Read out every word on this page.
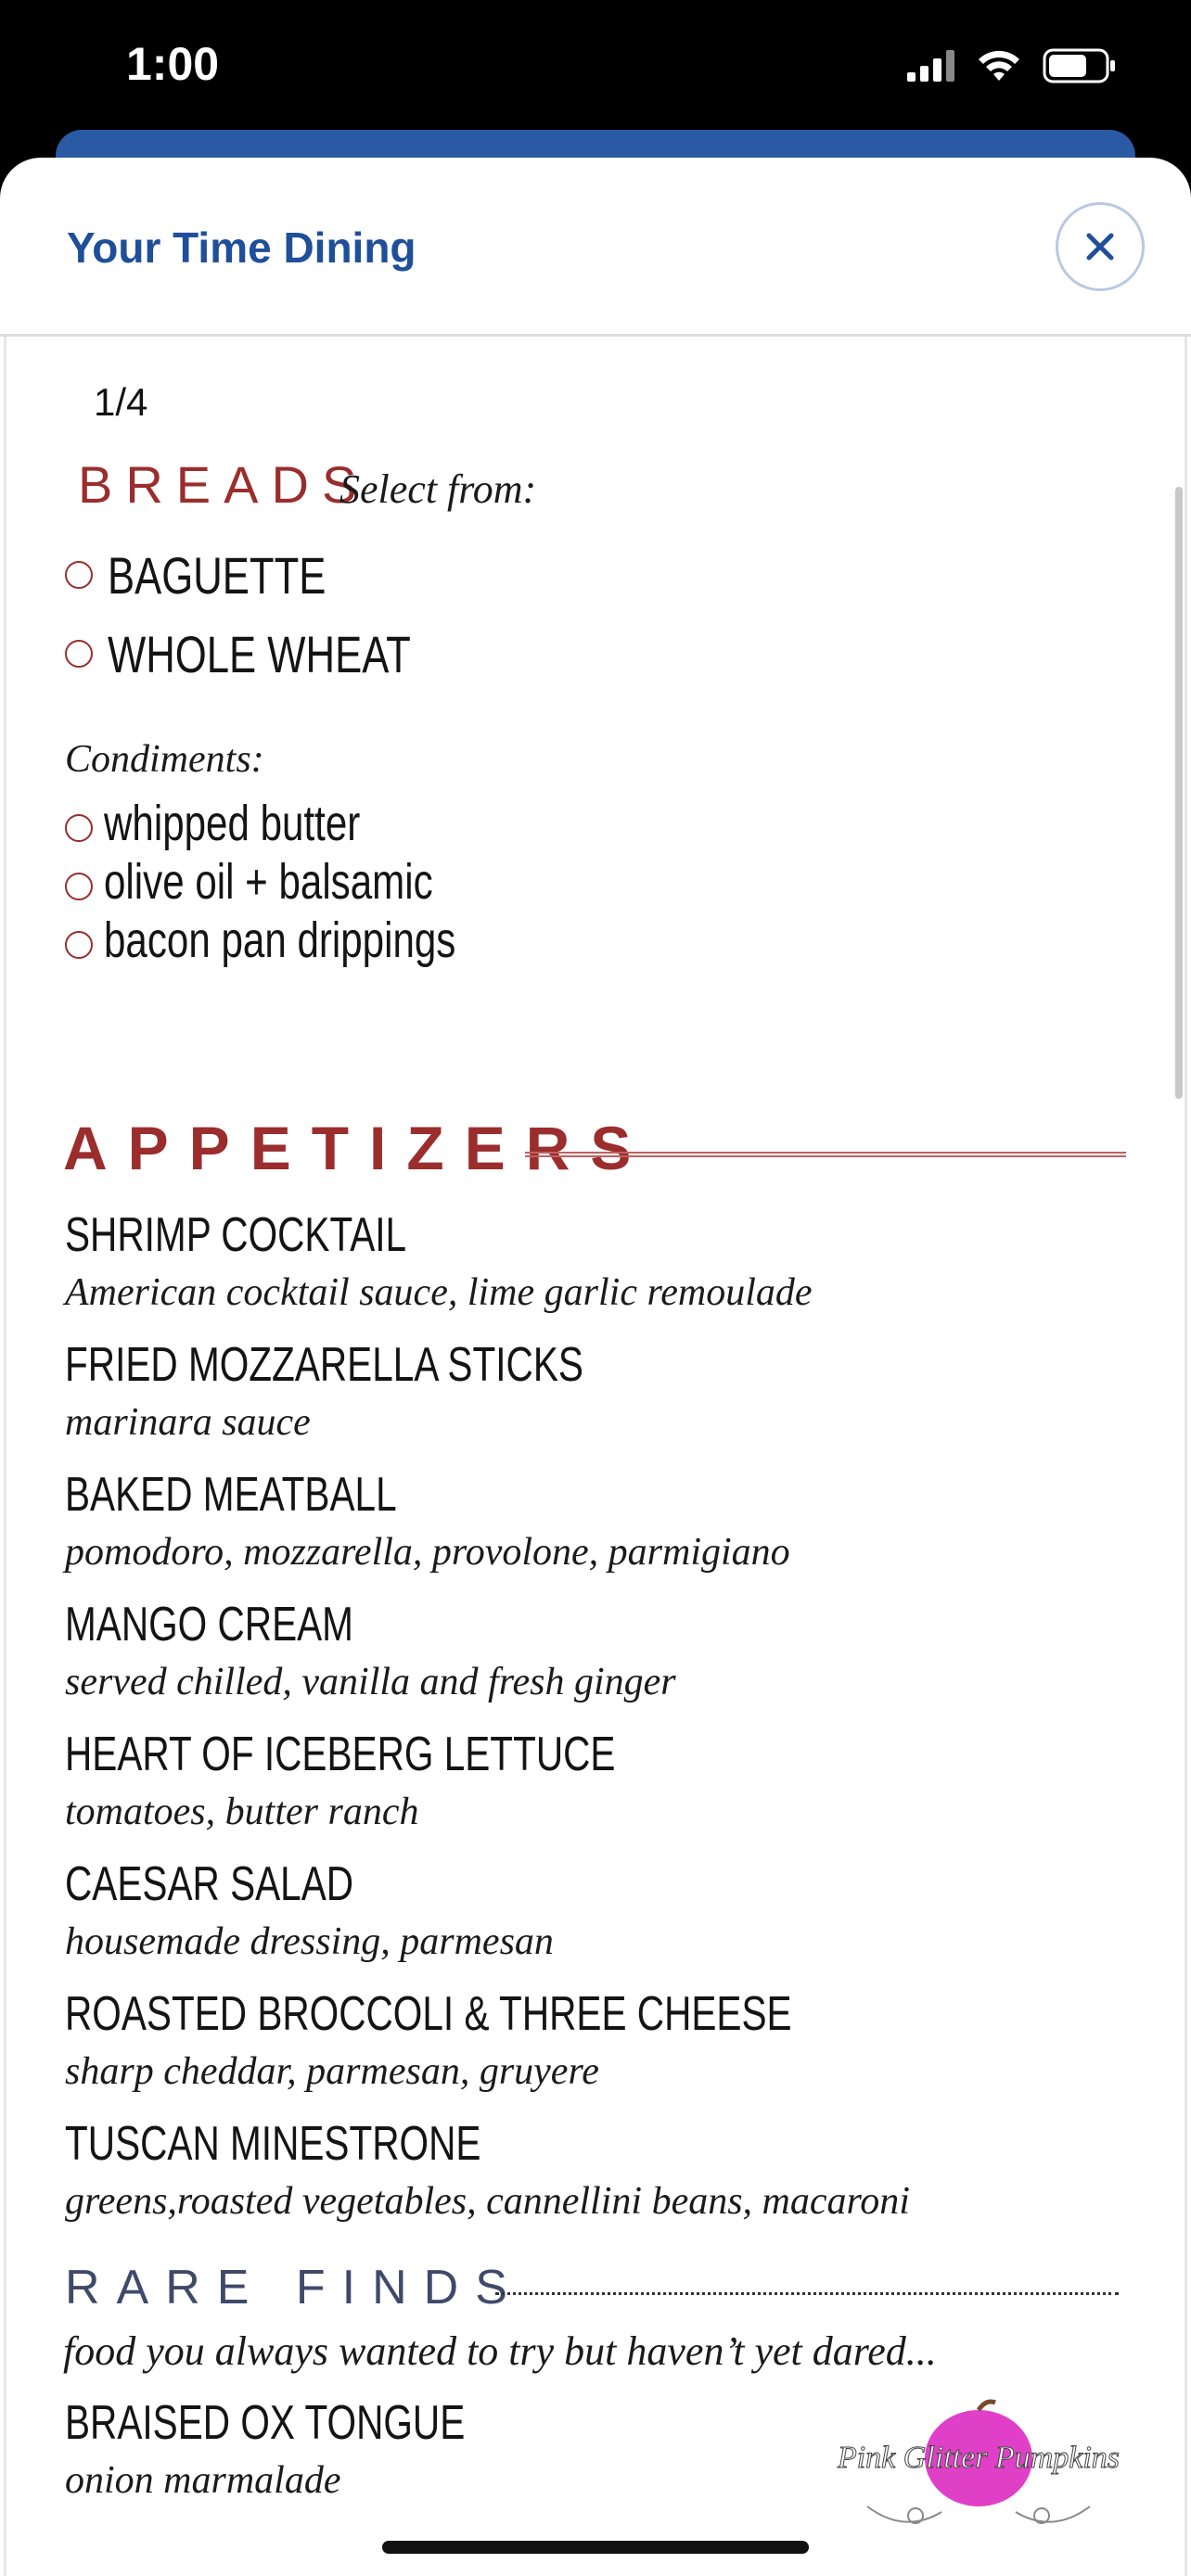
1:00
Your Time Dining
1/4
BREADS
Select from:
BAGUETTE
WHOLE WHEAT
Condiments:
whipped butter
olive oil + balsamic
bacon pan drippings
APPETIZERS
SHRIMP COCKTAIL
American cocktail sauce, lime garlic remoulade
FRIED MOZZARELLA STICKS
marinara sauce
BAKED MEATBALL
pomodoro, mozzarella, provolone, parmigiano
MANGO CREAM
served chilled, vanilla and fresh ginger
HEART OF ICEBERG LETTUCE
tomatoes, butter ranch
CAESAR SALAD
housemade dressing, parmesan
ROASTED BROCCOLI & THREE CHEESE
sharp cheddar, parmesan, gruyere
TUSCAN MINESTRONE
greens,roasted vegetables, cannellini beans, macaroni
RARE FINDS
food you always wanted to try but haven’t yet dared...
BRAISED OX TONGUE
onion marmalade
Pink Glitter Pumpkins
